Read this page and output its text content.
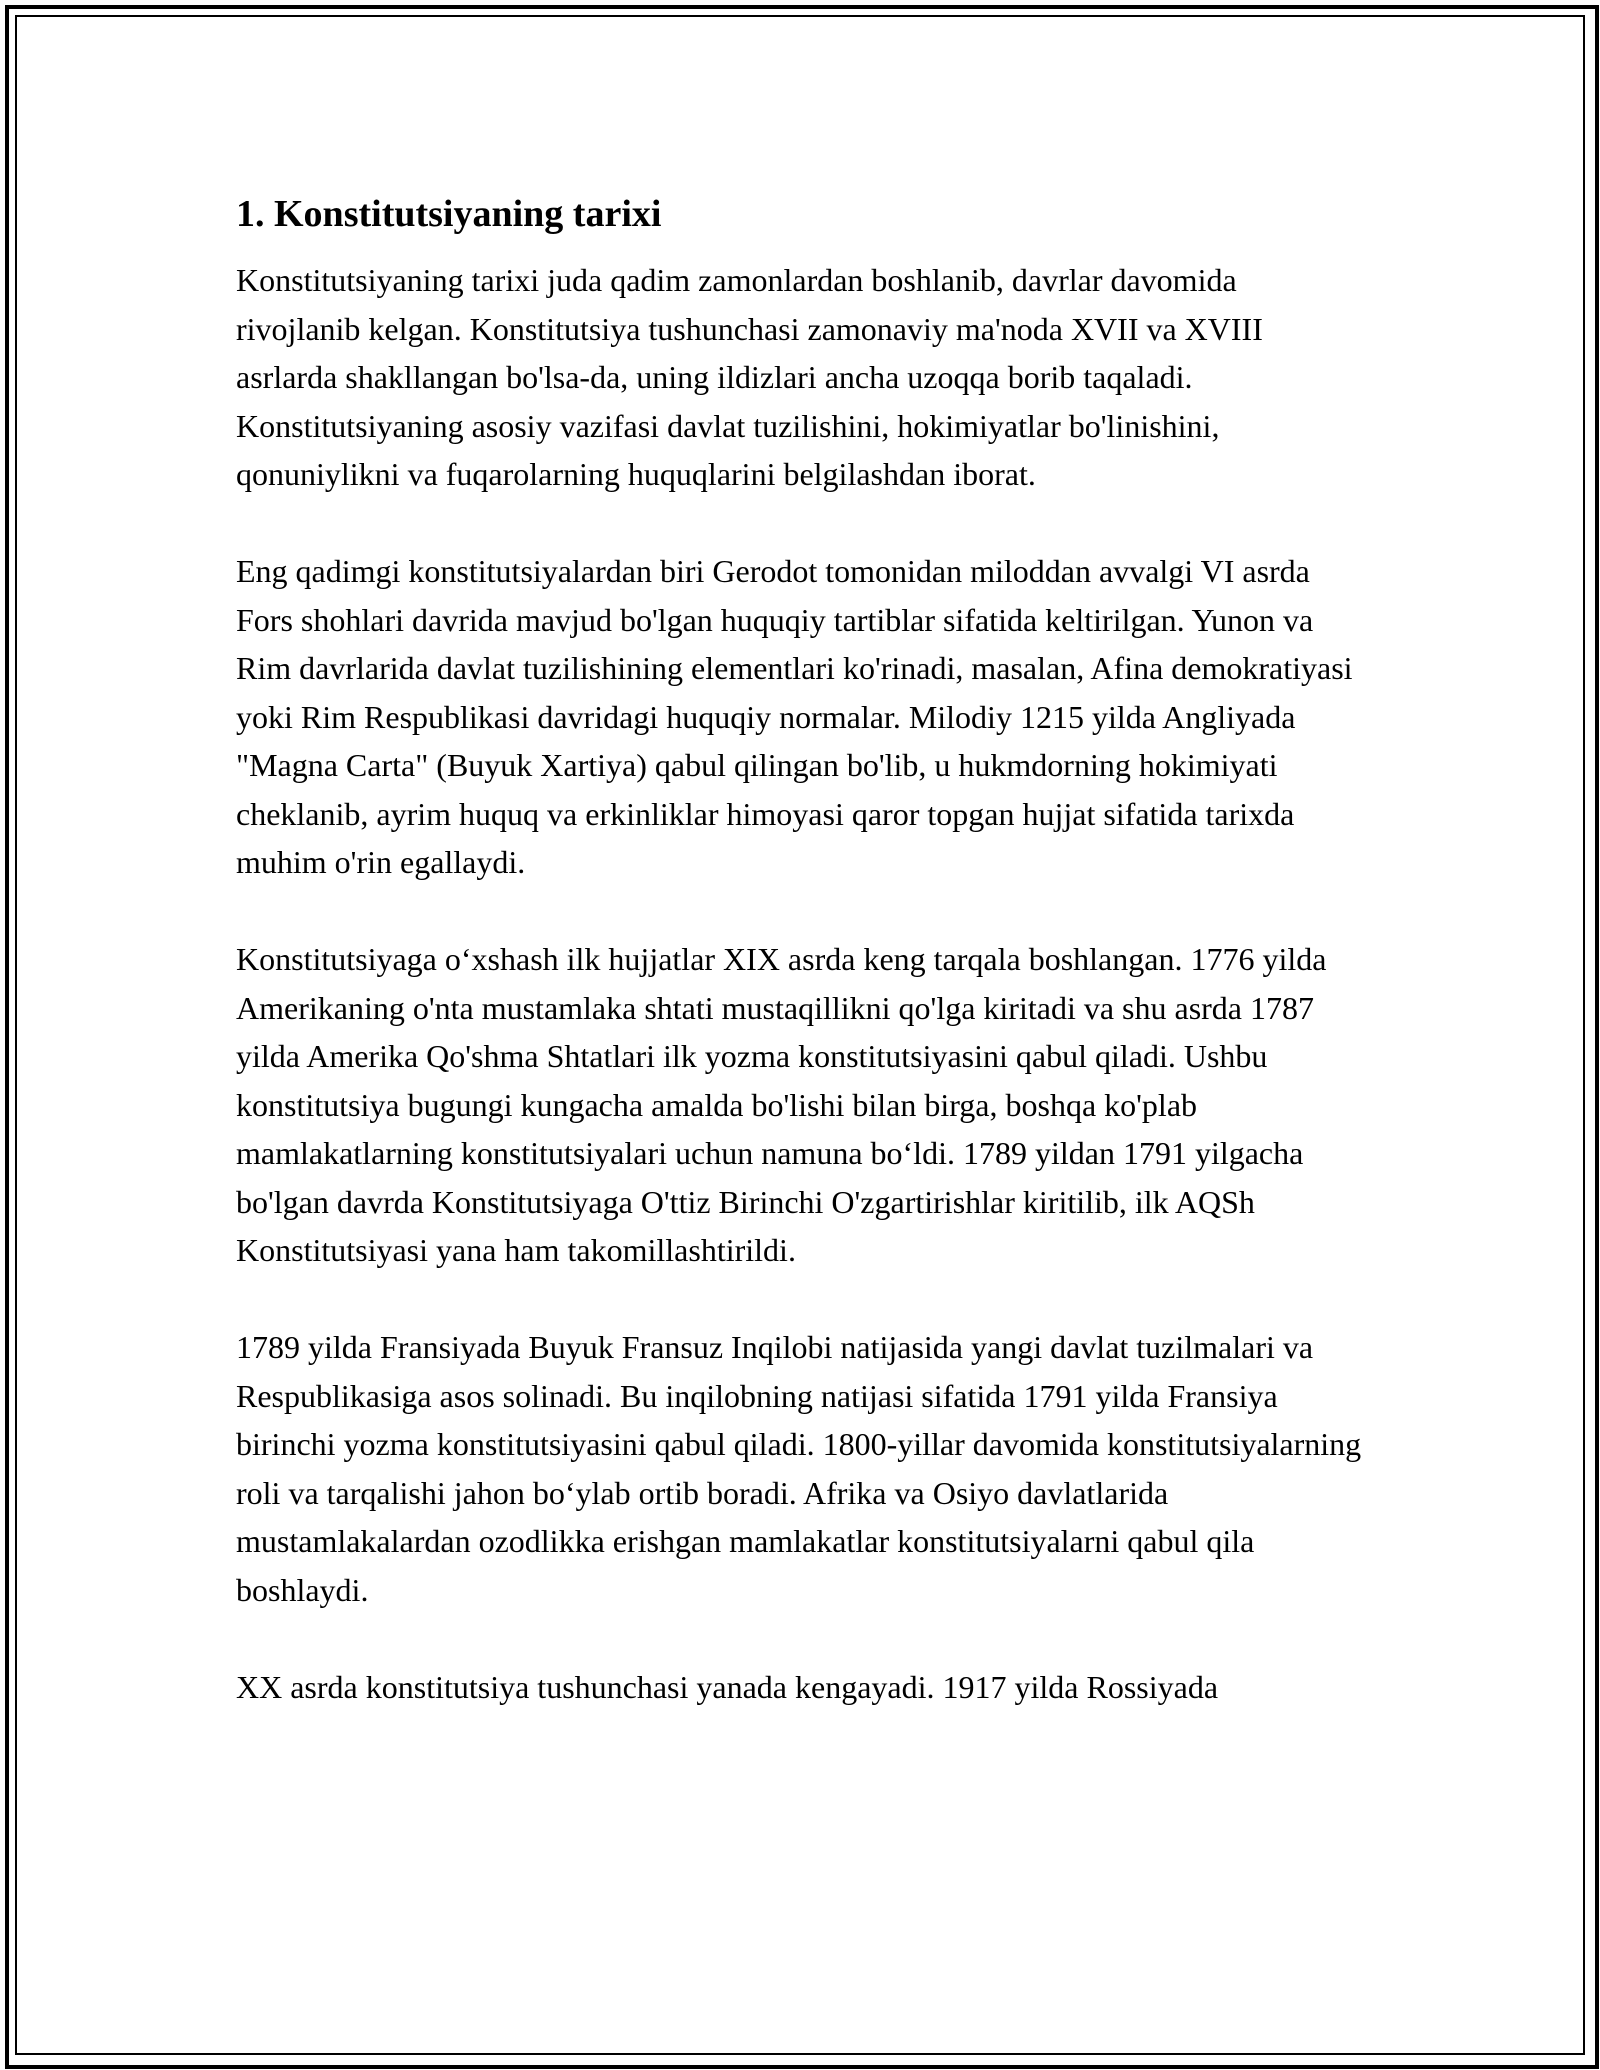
1. Konstitutsiyaning tarixi

Konstitutsiyaning tarixi juda qadim zamonlardan boshlanib, davrlar davomida rivojlanib kelgan. Konstitutsiya tushunchasi zamonaviy ma'noda XVII va XVIII asrlarda shakllangan bo'lsa-da, uning ildizlari ancha uzoqqa borib taqaladi. Konstitutsiyaning asosiy vazifasi davlat tuzilishini, hokimiyatlar bo'linishini, qonuniylikni va fuqarolarning huquqlarini belgilashdan iborat.

Eng qadimgi konstitutsiyalardan biri Gerodot tomonidan miloddan avvalgi VI asrda Fors shohlari davrida mavjud bo'lgan huquqiy tartiblar sifatida keltirilgan. Yunon va Rim davrlarida davlat tuzilishining elementlari ko'rinadi, masalan, Afina demokratiyasi yoki Rim Respublikasi davridagi huquqiy normalar. Milodiy 1215 yilda Angliyada "Magna Carta" (Buyuk Xartiya) qabul qilingan bo'lib, u hukmdorning hokimiyati cheklanib, ayrim huquq va erkinliklar himoyasi qaror topgan hujjat sifatida tarixda muhim o'rin egallaydi.

Konstitutsiyaga o‘xshash ilk hujjatlar XIX asrda keng tarqala boshlangan. 1776 yilda Amerikaning o'nta mustamlaka shtati mustaqillikni qo'lga kiritadi va shu asrda 1787 yilda Amerika Qo'shma Shtatlari ilk yozma konstitutsiyasini qabul qiladi. Ushbu konstitutsiya bugungi kungacha amalda bo'lishi bilan birga, boshqa ko'plab mamlakatlarning konstitutsiyalari uchun namuna bo‘ldi. 1789 yildan 1791 yilgacha bo'lgan davrda Konstitutsiyaga O'ttiz Birinchi O'zgartirishlar kiritilib, ilk AQSh Konstitutsiyasi yana ham takomillashtirildi.

1789 yilda Fransiyada Buyuk Fransuz Inqilobi natijasida yangi davlat tuzilmalari va Respublikasiga asos solinadi. Bu inqilobning natijasi sifatida 1791 yilda Fransiya birinchi yozma konstitutsiyasini qabul qiladi. 1800-yillar davomida konstitutsiyalarning roli va tarqalishi jahon bo‘ylab ortib boradi. Afrika va Osiyo davlatlarida mustamlakalardan ozodlikka erishgan mamlakatlar konstitutsiyalarni qabul qila boshlaydi.

XX asrda konstitutsiya tushunchasi yanada kengayadi. 1917 yilda Rossiyada
